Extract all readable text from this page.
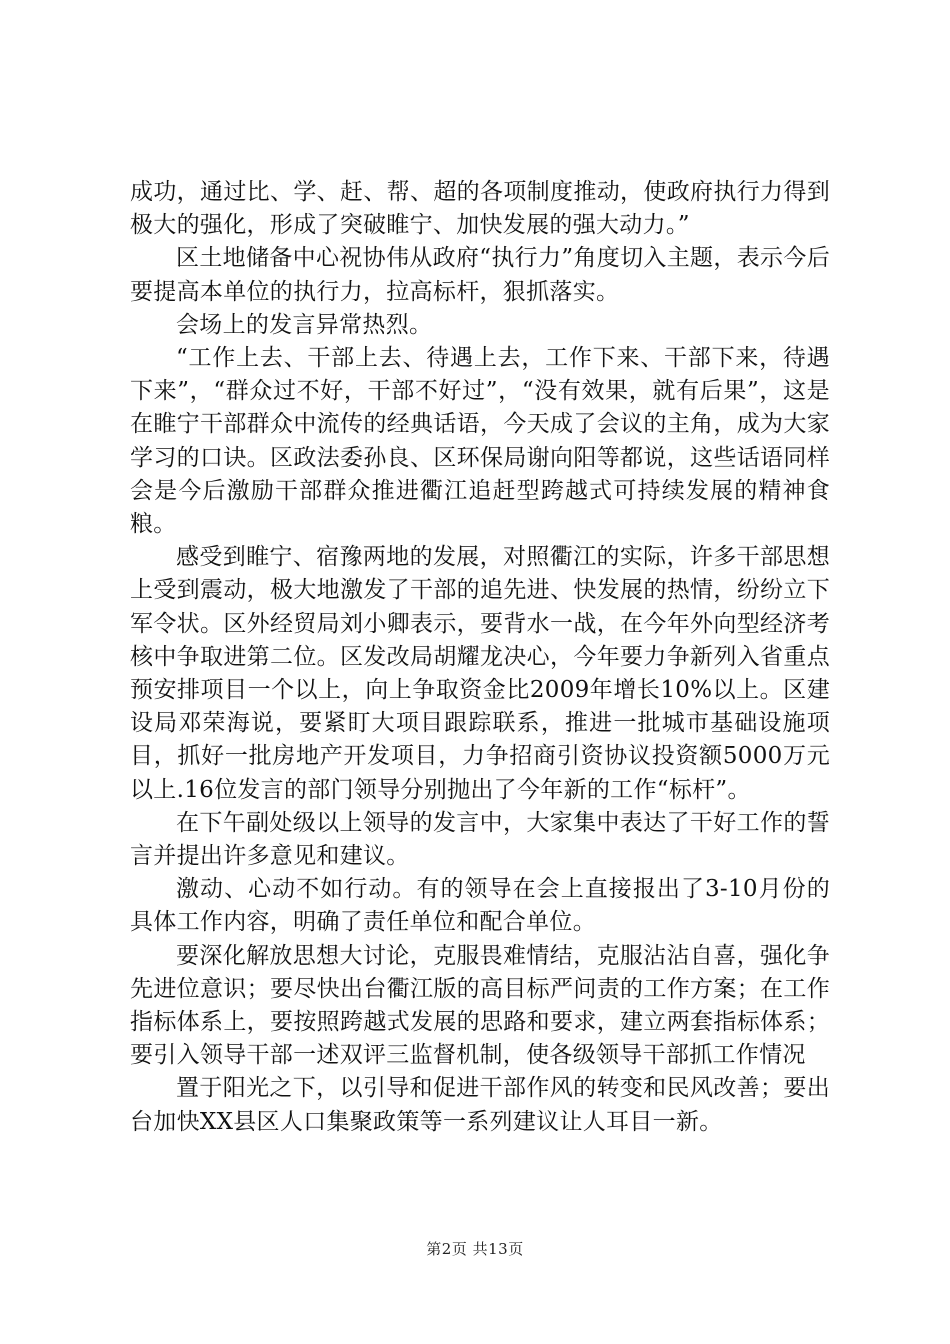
成功，通过比、学、赶、帮、超的各项制度推动，使政府执行力得到极大的强化，形成了突破睢宁、加快发展的强大动力。”

区土地储备中心祝协伟从政府“执行力”角度切入主题，表示今后要提高本单位的执行力，拉高标杆，狠抓落实。

会场上的发言异常热烈。

“工作上去、干部上去、待遇上去，工作下来、干部下来，待遇下来”，“群众过不好，干部不好过”，“没有效果，就有后果”，这是在睢宁干部群众中流传的经典话语，今天成了会议的主角，成为大家学习的口诀。区政法委孙良、区环保局谢向阳等都说，这些话语同样会是今后激励干部群众推进衢江追赶型跨越式可持续发展的精神食粮。

感受到睢宁、宿豫两地的发展，对照衢江的实际，许多干部思想上受到震动，极大地激发了干部的追先进、快发展的热情，纷纷立下军令状。区外经贸局刘小卿表示，要背水一战，在今年外向型经济考核中争取进第二位。区发改局胡耀龙决心，今年要力争新列入省重点预安排项目一个以上，向上争取资金比2009年增长10%以上。区建设局邓荣海说，要紧盯大项目跟踪联系，推进一批城市基础设施项目，抓好一批房地产开发项目，力争招商引资协议投资额5000万元以上.16位发言的部门领导分别抛出了今年新的工作“标杆”。

在下午副处级以上领导的发言中，大家集中表达了干好工作的誓言并提出许多意见和建议。

激动、心动不如行动。有的领导在会上直接报出了3-10月份的具体工作内容，明确了责任单位和配合单位。

要深化解放思想大讨论，克服畏难情结，克服沾沾自喜，强化争先进位意识；要尽快出台衢江版的高目标严问责的工作方案；在工作指标体系上，要按照跨越式发展的思路和要求，建立两套指标体系；要引入领导干部一述双评三监督机制，使各级领导干部抓工作情况

置于阳光之下，以引导和促进干部作风的转变和民风改善；要出台加快XX县区人口集聚政策等一系列建议让人耳目一新。

第2页 共13页
